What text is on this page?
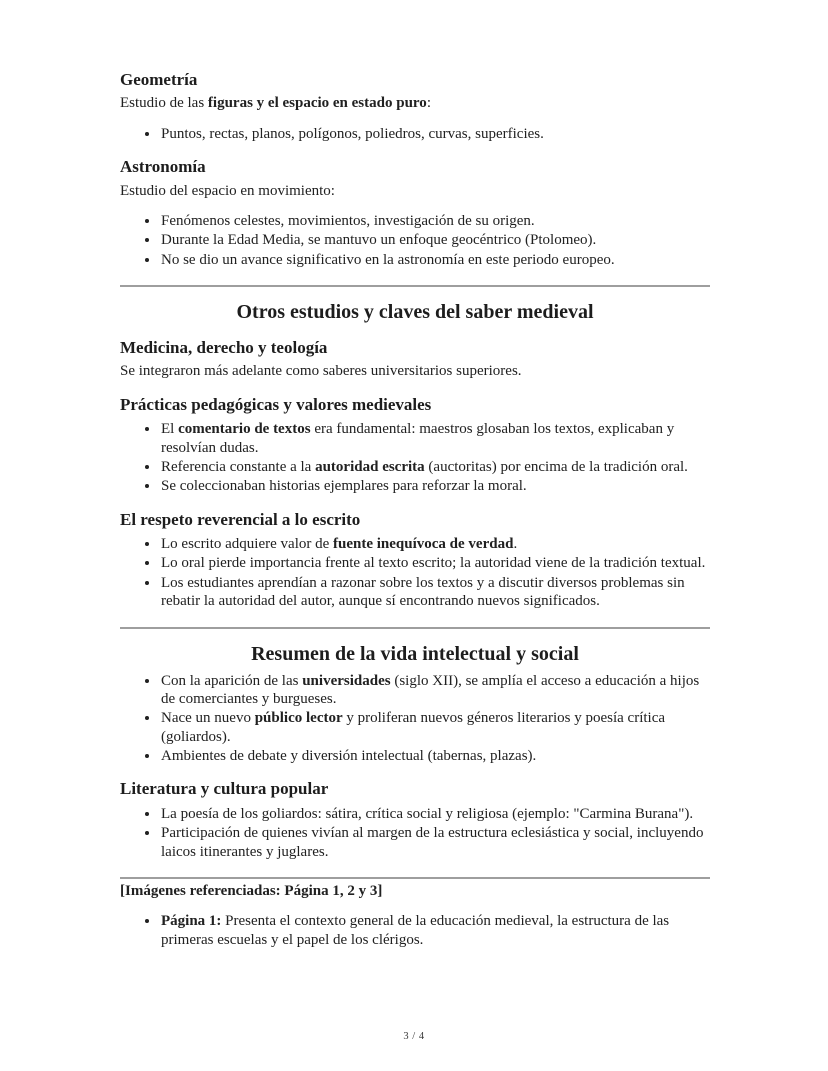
Geometría

Estudio de las figuras y el espacio en estado puro:

• Puntos, rectas, planos, polígonos, poliedros, curvas, superficies.
Astronomía

Estudio del espacio en movimiento:

• Fenómenos celestes, movimientos, investigación de su origen.
• Durante la Edad Media, se mantuvo un enfoque geocéntrico (Ptolomeo).
• No se dio un avance significativo en la astronomía en este periodo europeo.
Otros estudios y claves del saber medieval
Medicina, derecho y teología

Se integraron más adelante como saberes universitarios superiores.

Prácticas pedagógicas y valores medievales
• El comentario de textos era fundamental: maestros glosaban los textos, explicaban y resolvían dudas.
• Referencia constante a la autoridad escrita (auctoritas) por encima de la tradición oral.
• Se coleccionaban historias ejemplares para reforzar la moral.
El respeto reverencial a lo escrito
• Lo escrito adquiere valor de fuente inequívoca de verdad.
• Lo oral pierde importancia frente al texto escrito; la autoridad viene de la tradición textual.
• Los estudiantes aprendían a razonar sobre los textos y a discutir diversos problemas sin rebatir la autoridad del autor, aunque sí encontrando nuevos significados.
Resumen de la vida intelectual y social
• Con la aparición de las universidades (siglo XII), se amplía el acceso a educación a hijos de comerciantes y burgueses.
• Nace un nuevo público lector y proliferan nuevos géneros literarios y poesía crítica (goliardos).
• Ambientes de debate y diversión intelectual (tabernas, plazas).
Literatura y cultura popular
• La poesía de los goliardos: sátira, crítica social y religiosa (ejemplo: "Carmina Burana").
• Participación de quienes vivían al margen de la estructura eclesiástica y social, incluyendo laicos itinerantes y juglares.

[Imágenes referenciadas: Página 1, 2 y 3]

• Página 1: Presenta el contexto general de la educación medieval, la estructura de las primeras escuelas y el papel de los clérigos.
3 / 4
